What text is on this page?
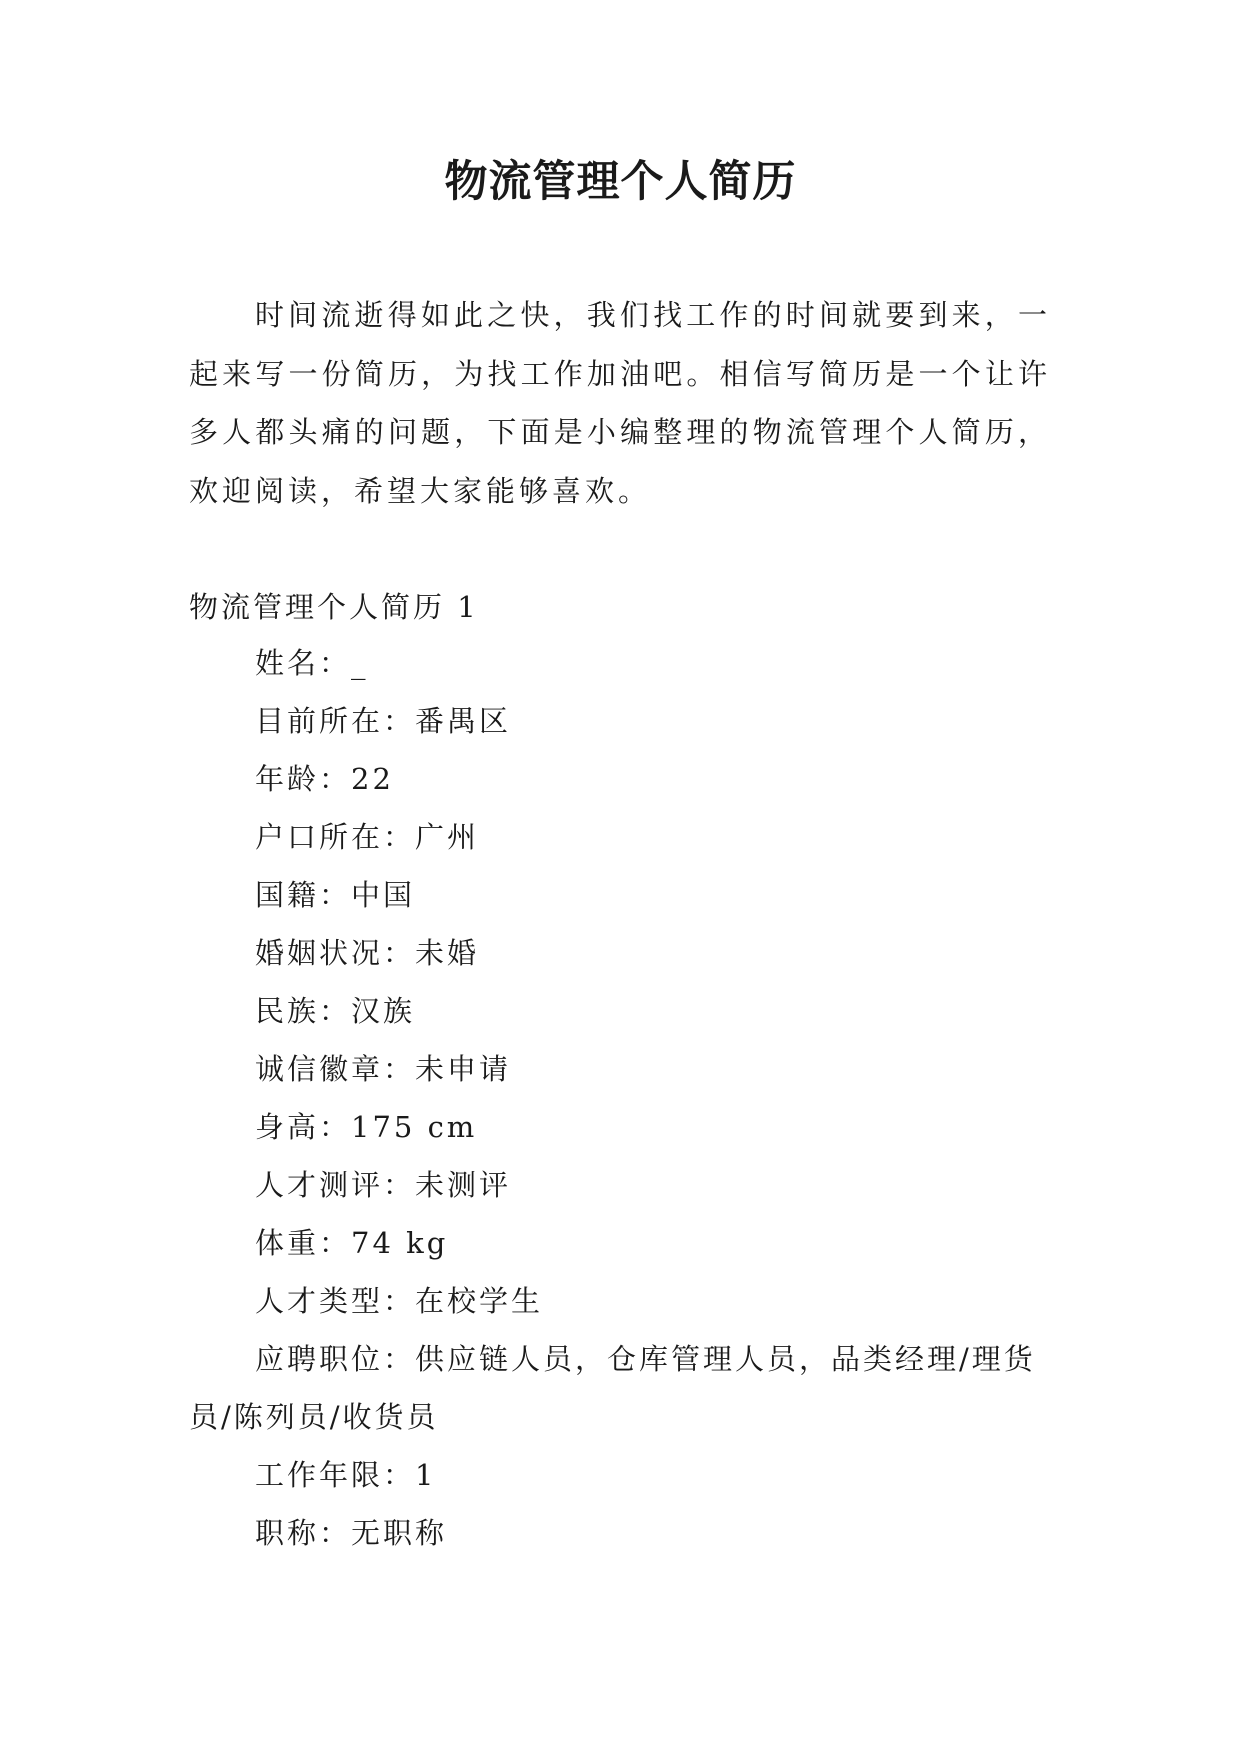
物流管理个人简历

时间流逝得如此之快，我们找工作的时间就要到来，一起来写一份简历，为找工作加油吧。相信写简历是一个让许多人都头痛的问题，下面是小编整理的物流管理个人简历，欢迎阅读，希望大家能够喜欢。

物流管理个人简历 1
姓名：_
目前所在：番禺区
年龄：22
户口所在：广州
国籍：中国
婚姻状况：未婚
民族：汉族
诚信徽章：未申请
身高：175 cm
人才测评：未测评
体重：74 kg
人才类型：在校学生
应聘职位：供应链人员，仓库管理人员，品类经理/理货员/陈列员/收货员
工作年限：1
职称：无职称
